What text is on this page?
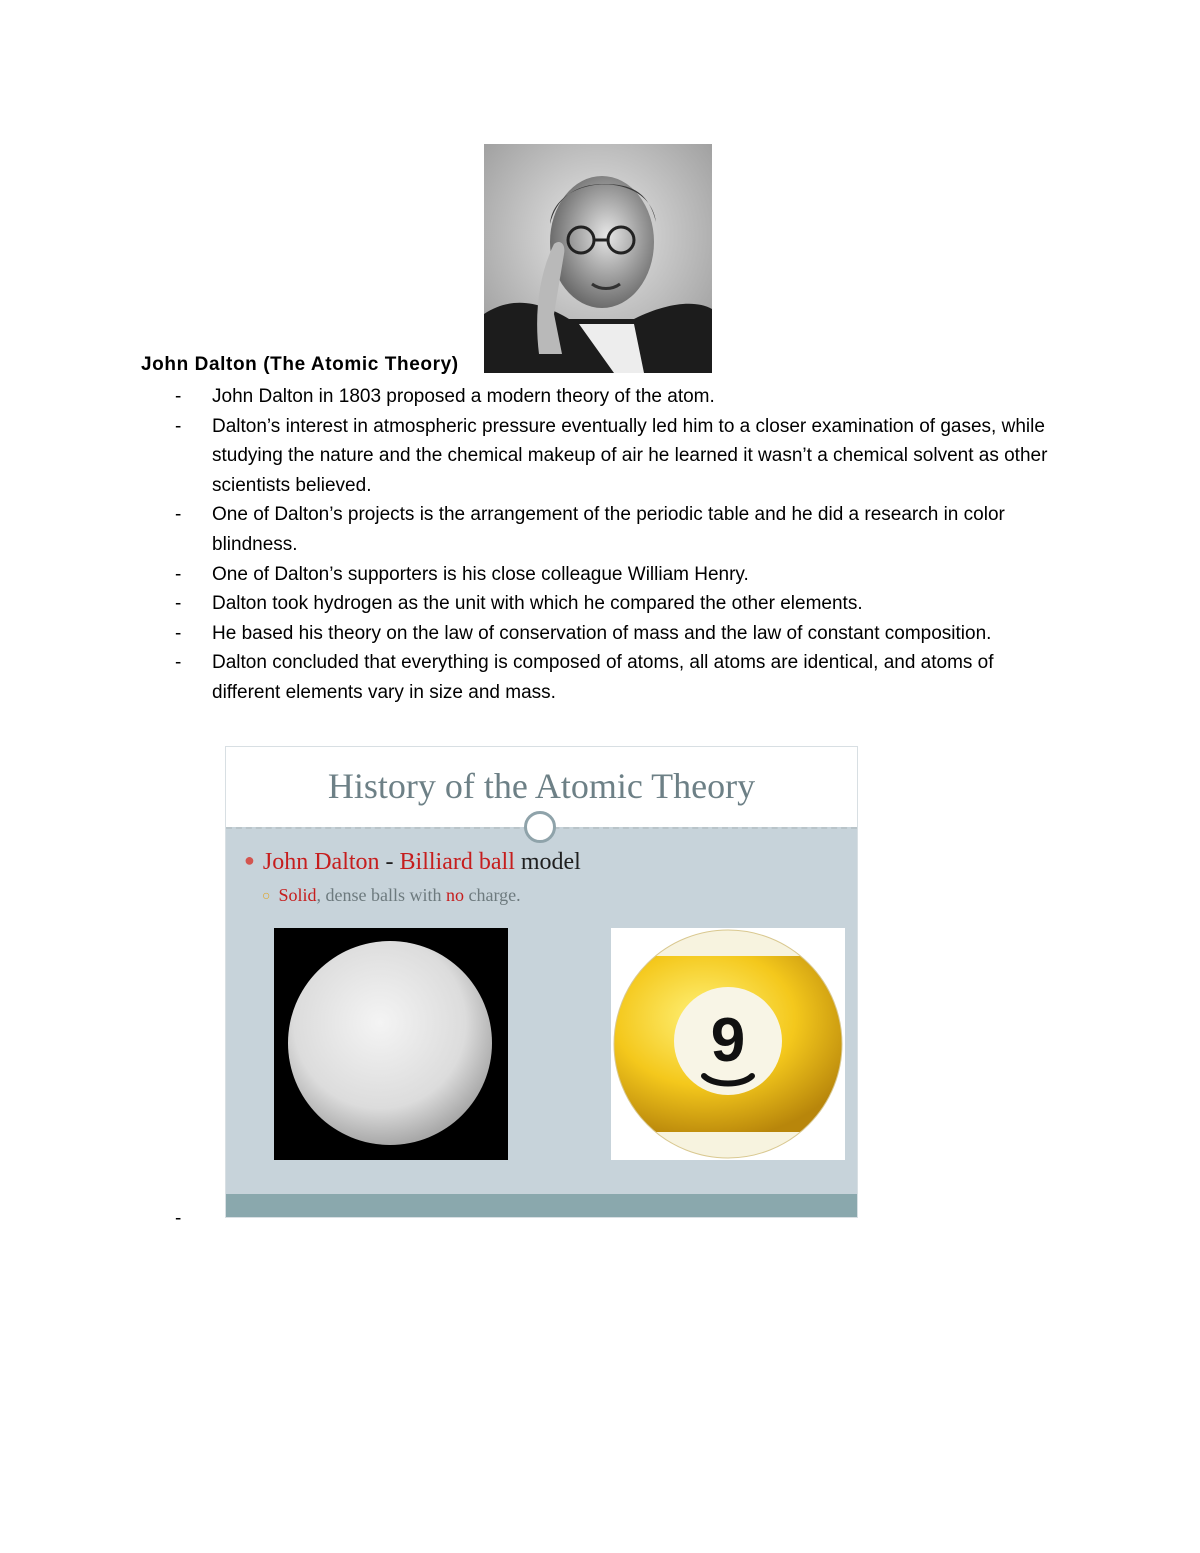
John Dalton (The Atomic Theory)
- John Dalton in 1803 proposed a modern theory of the atom.
- Dalton’s interest in atmospheric pressure eventually led him to a closer examination of gases, while studying the nature and the chemical makeup of air he learned it wasn’t a chemical solvent as other scientists believed.
- One of Dalton’s projects is the arrangement of the periodic table and he did a research in color blindness.
- One of Dalton’s supporters is his close colleague William Henry.
- Dalton took hydrogen as the unit with which he compared the other elements.
- He based his theory on the law of conservation of mass and the law of constant composition.
- Dalton concluded that everything is composed of atoms, all atoms are identical, and atoms of different elements vary in size and mass.
History of the Atomic Theory
● John Dalton - Billiard ball model
○ Solid, dense balls with no charge.
9
-
